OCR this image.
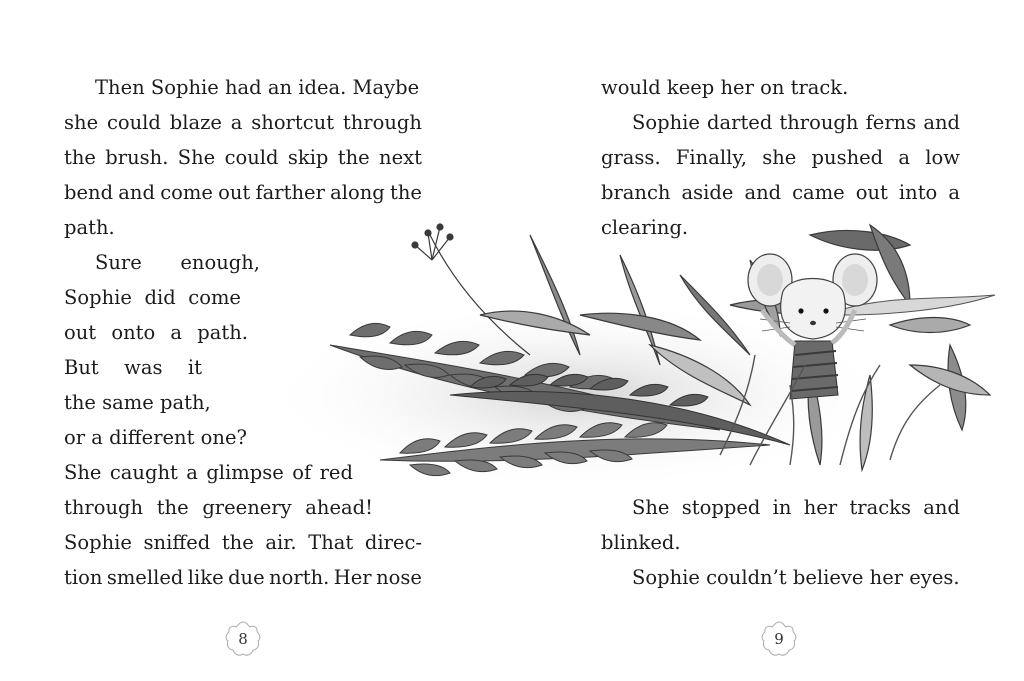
Then Sophie had an idea. Maybe
she could blaze a shortcut through
the brush. She could skip the next
bend and come out farther along the
path.
Sure enough,
Sophie did come
out onto a path.
But was it
the same path,
or a different one?
She caught a glimpse of red
through the greenery ahead!
Sophie sniffed the air. That direc-
tion smelled like due north. Her nose
would keep her on track.
Sophie darted through ferns and
grass. Finally, she pushed a low
branch aside and came out into a
clearing.
She stopped in her tracks and
blinked.
Sophie couldn’t believe her eyes.
8	9
